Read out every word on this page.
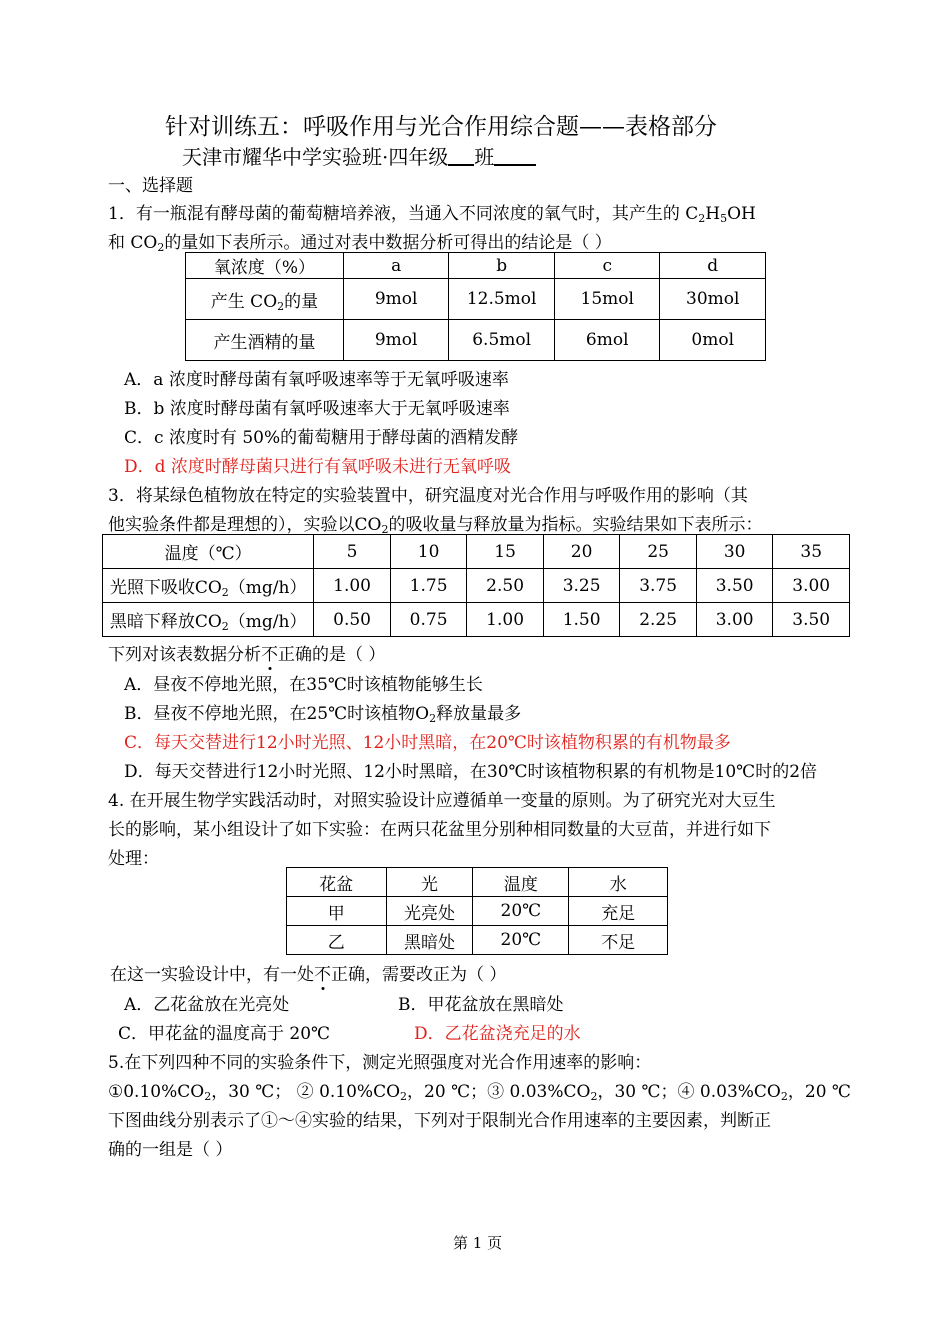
针对训练五：呼吸作用与光合作用综合题——表格部分
天津市耀华中学实验班·四年级 班
一、选择题
1．有一瓶混有酵母菌的葡萄糖培养液，当通入不同浓度的氧气时，其产生的 $C_2H_5OH$
和 $CO_2$的量如下表所示。通过对表中数据分析可得出的结论是（ ）
氧浓度（%）	a	b	c	d
产生 $CO_2$的量	9mol	12.5mol	15mol	30mol
产生酒精的量	9mol	6.5mol	6mol	0mol
A．a 浓度时酵母菌有氧呼吸速率等于无氧呼吸速率
B．b 浓度时酵母菌有氧呼吸速率大于无氧呼吸速率
C．c 浓度时有 50%的葡萄糖用于酵母菌的酒精发酵
D．d 浓度时酵母菌只进行有氧呼吸未进行无氧呼吸
3．将某绿色植物放在特定的实验装置中，研究温度对光合作用与呼吸作用的影响（其
他实验条件都是理想的），实验以$CO_2$的吸收量与释放量为指标。实验结果如下表所示：
温度（℃）	5	10	15	20	25	30	35
光照下吸收$CO_2(mg/h)$	1.00	1.75	2.50	3.25	3.75	3.50	3.00
黑暗下释放$CO_2(mg/h)$	0.50	0.75	1.00	1.50	2.25	3.00	3.50
下列对该表数据分析不正确的是（ ）
A．昼夜不停地光照，在35℃时该植物能够生长
B．昼夜不停地光照，在25℃时该植物$O_2$释放量最多
C．每天交替进行12小时光照、12小时黑暗，在20℃时该植物积累的有机物最多
D．每天交替进行12小时光照、12小时黑暗，在30℃时该植物积累的有机物是10℃时的2倍
4. 在开展生物学实践活动时，对照实验设计应遵循单一变量的原则。为了研究光对大豆生
长的影响，某小组设计了如下实验：在两只花盆里分别种相同数量的大豆苗，并进行如下
处理：
花盆	光	温度	水
甲	光亮处	20℃	充足
乙	黑暗处	20℃	不足
在这一实验设计中，有一处不正确，需要改正为（ ）
A．乙花盆放在光亮处	B．甲花盆放在黑暗处
C．甲花盆的温度高于 20℃	D．乙花盆浇充足的水
5.在下列四种不同的实验条件下，测定光照强度对光合作用速率的影响：
$①0.10\%CO_2$，30 ℃； ② $0.10\%CO_2$，20 ℃；③ $0.03\%CO_2$，30 ℃；④ $0.03\%CO_2$，20 ℃
下图曲线分别表示了①～④实验的结果，下列对于限制光合作用速率的主要因素，判断正
确的一组是（ ）
第 1 页
